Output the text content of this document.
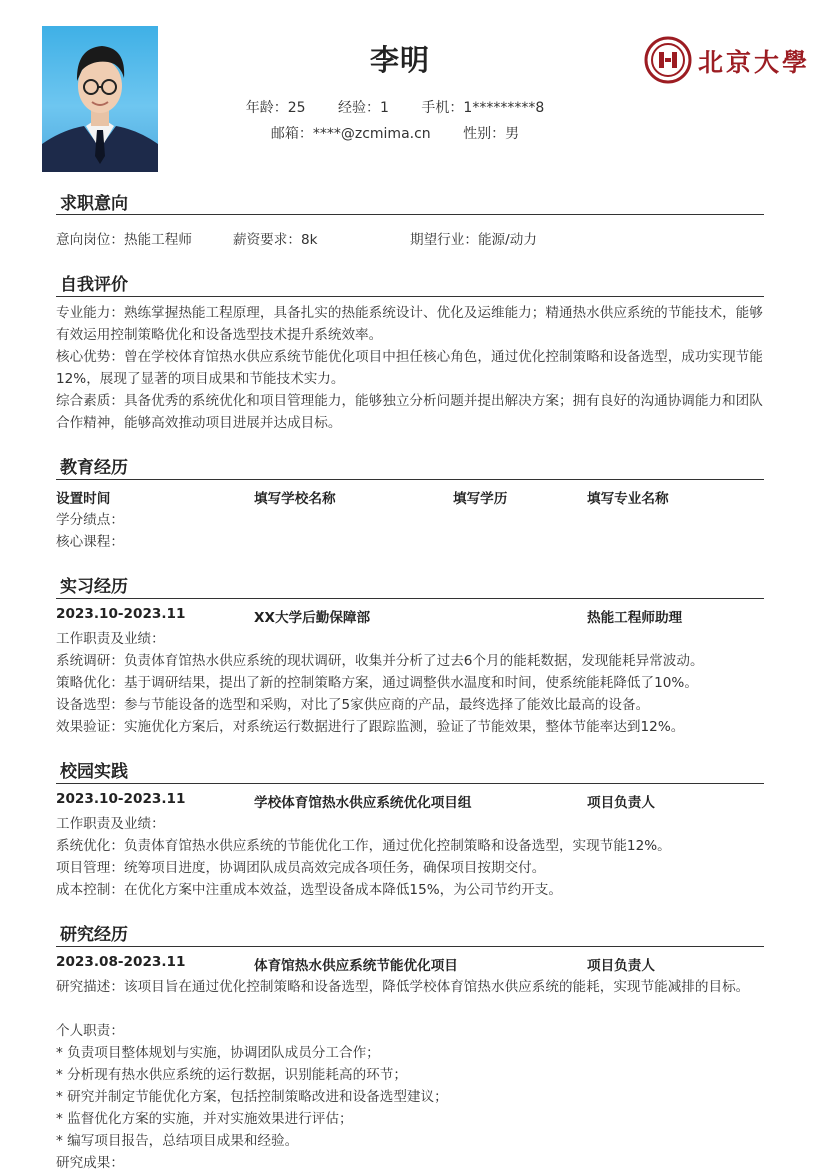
李明
年龄：25 经验：1 手机：1*********8
邮箱：****@zcmima.cn 性别：男
北京大學
求职意向
意向岗位：热能工程师	薪资要求：8k	期望行业：能源/动力
自我评价
专业能力：熟练掌握热能工程原理，具备扎实的热能系统设计、优化及运维能力；精通热水供应系统的节能技术，能够有效运用控制策略优化和设备选型技术提升系统效率。
核心优势：曾在学校体育馆热水供应系统节能优化项目中担任核心角色，通过优化控制策略和设备选型，成功实现节能12%，展现了显著的项目成果和节能技术实力。
综合素质：具备优秀的系统优化和项目管理能力，能够独立分析问题并提出解决方案；拥有良好的沟通协调能力和团队合作精神，能够高效推动项目进展并达成目标。
教育经历
设置时间	填写学校名称	填写学历	填写专业名称
学分绩点：
核心课程：
实习经历
2023.10-2023.11	XX大学后勤保障部	热能工程师助理
工作职责及业绩：
系统调研：负责体育馆热水供应系统的现状调研，收集并分析了过去6个月的能耗数据，发现能耗异常波动。
策略优化：基于调研结果，提出了新的控制策略方案，通过调整供水温度和时间，使系统能耗降低了10%。
设备选型：参与节能设备的选型和采购，对比了5家供应商的产品，最终选择了能效比最高的设备。
效果验证：实施优化方案后，对系统运行数据进行了跟踪监测，验证了节能效果，整体节能率达到12%。
校园实践
2023.10-2023.11	学校体育馆热水供应系统优化项目组	项目负责人
工作职责及业绩：
系统优化：负责体育馆热水供应系统的节能优化工作，通过优化控制策略和设备选型，实现节能12%。
项目管理：统筹项目进度，协调团队成员高效完成各项任务，确保项目按期交付。
成本控制：在优化方案中注重成本效益，选型设备成本降低15%，为公司节约开支。
研究经历
2023.08-2023.11	体育馆热水供应系统节能优化项目	项目负责人
研究描述：该项目旨在通过优化控制策略和设备选型，降低学校体育馆热水供应系统的能耗，实现节能减排的目标。
个人职责：
* 负责项目整体规划与实施，协调团队成员分工合作；
* 分析现有热水供应系统的运行数据，识别能耗高的环节；
* 研究并制定节能优化方案，包括控制策略改进和设备选型建议；
* 监督优化方案的实施，并对实施效果进行评估；
* 编写项目报告，总结项目成果和经验。
研究成果：
